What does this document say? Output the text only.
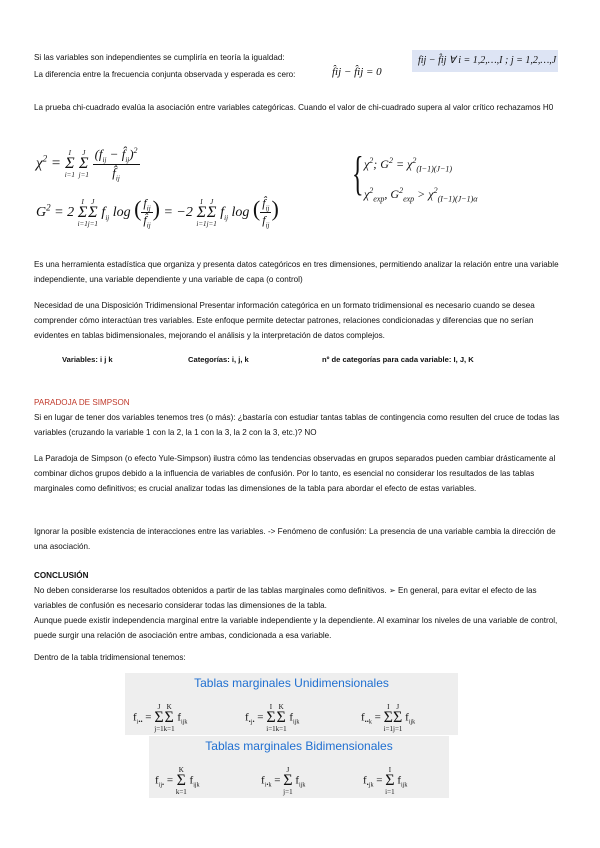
Si las variables son independientes se cumpliría en teoría la igualdad:
La diferencia entre la frecuencia conjunta observada y esperada es cero:	f̂ij − f̂ij = 0
fij − f̂ij ∀ i = 1,2,…,I ; j = 1,2,…,J
La prueba chi-cuadrado evalúa la asociación entre variables categóricas. Cuando el valor de chi-cuadrado supera al valor crítico rechazamos H0
$\chi^2 = I$
Σ
i=1 J
Σ
$j=1 \frac{(f_{ij} - f̂_{ij})^2}{f̂_{ij}}$
$G^2 = 2$ I
Σ
i=1J
Σ
j=1 $f_{ij}$ log ( $\frac{f_{ij}}{f̂_{ij}}$ ) = −2 I
Σ
i=1J
Σ
j=1 $f_{ij}$ log ( $\frac{f̂_{ij}}{f_{ij}}$ )
{ $\chi^2$; $G^2 = \chi^2_{(I-1)(J-1)}$
$\chi^2_{exp}$, $G^2_{exp} > \chi^2_{(I-1)(J-1)\alpha}$
Es una herramienta estadística que organiza y presenta datos categóricos en tres dimensiones, permitiendo analizar la relación entre una variable independiente, una variable dependiente y una variable de capa (o control)
Necesidad de una Disposición Tridimensional Presentar información categórica en un formato tridimensional es necesario cuando se desea comprender cómo interactúan tres variables. Este enfoque permite detectar patrones, relaciones condicionadas y diferencias que no serían evidentes en tablas bidimensionales, mejorando el análisis y la interpretación de datos complejos.
Variables: i j k	Categorías: i, j, k	nº de categorías para cada variable: I, J, K
PARADOJA DE SIMPSON
Si en lugar de tener dos variables tenemos tres (o más): ¿bastaría con estudiar tantas tablas de contingencia como resulten del cruce de todas las variables (cruzando la variable 1 con la 2, la 1 con la 3, la 2 con la 3, etc.)? NO
La Paradoja de Simpson (o efecto Yule-Simpson) ilustra cómo las tendencias observadas en grupos separados pueden cambiar drásticamente al combinar dichos grupos debido a la influencia de variables de confusión. Por lo tanto, es esencial no considerar los resultados de las tablas marginales como definitivos; es crucial analizar todas las dimensiones de la tabla para abordar el efecto de estas variables.
Ignorar la posible existencia de interacciones entre las variables. -> Fenómeno de confusión: La presencia de una variable cambia la dirección de una asociación.
CONCLUSIÓN
No deben considerarse los resultados obtenidos a partir de las tablas marginales como definitivos. ➢ En general, para evitar el efecto de las variables de confusión es necesario considerar todas las dimensiones de la tabla.
Aunque puede existir independencia marginal entre la variable independiente y la dependiente. Al examinar los niveles de una variable de control, puede surgir una relación de asociación entre ambas, condicionada a esa variable.
Dentro de la tabla tridimensional tenemos:
Tablas marginales Unidimensionales
$f_{i••} = J$
Σ
j=1K
Σ
k=1 $f_{ijk}$	$f_{•j•} = I$
Σ
i=1K
Σ
k=1 $f_{ijk}$	$f_{••k} = I$
Σ
i=1J
Σ
j=1 $f_{ijk}$
Tablas marginales Bidimensionales
$f_{ij•} = K$
Σ
k=1 $f_{ijk}$	$f_{i•k} = J$
Σ
j=1 $f_{ijk}$	$f_{•jk} = I$
Σ
i=1 $f_{ijk}$
